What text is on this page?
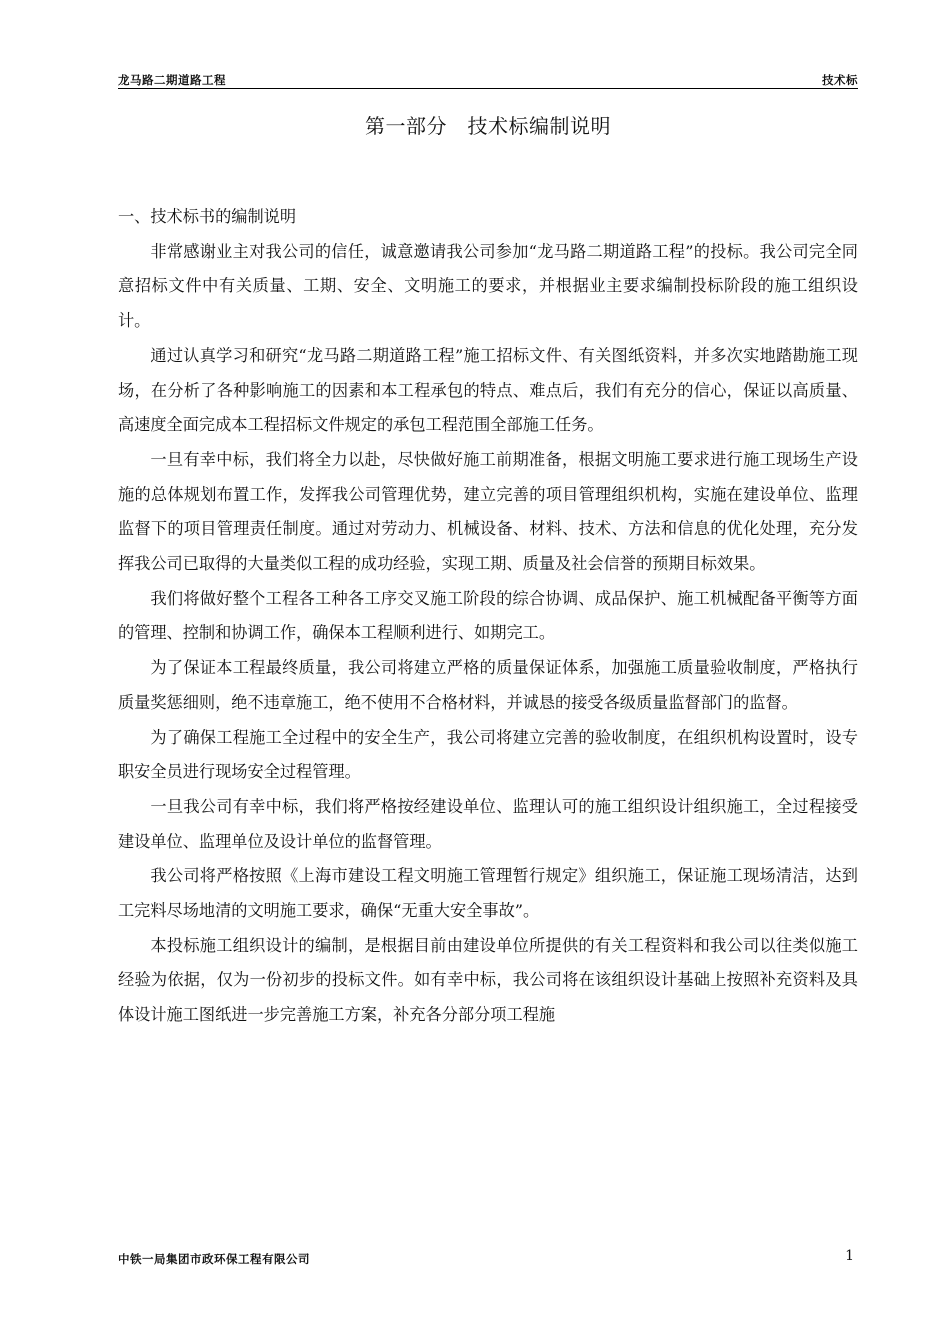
龙马路二期道路工程	技术标
第一部分　技术标编制说明
一、技术标书的编制说明

非常感谢业主对我公司的信任，诚意邀请我公司参加“龙马路二期道路工程”的投标。我公司完全同意招标文件中有关质量、工期、安全、文明施工的要求，并根据业主要求编制投标阶段的施工组织设计。

通过认真学习和研究“龙马路二期道路工程”施工招标文件、有关图纸资料，并多次实地踏勘施工现场，在分析了各种影响施工的因素和本工程承包的特点、难点后，我们有充分的信心，保证以高质量、高速度全面完成本工程招标文件规定的承包工程范围全部施工任务。

一旦有幸中标，我们将全力以赴，尽快做好施工前期准备，根据文明施工要求进行施工现场生产设施的总体规划布置工作，发挥我公司管理优势，建立完善的项目管理组织机构，实施在建设单位、监理监督下的项目管理责任制度。通过对劳动力、机械设备、材料、技术、方法和信息的优化处理，充分发挥我公司已取得的大量类似工程的成功经验，实现工期、质量及社会信誉的预期目标效果。

我们将做好整个工程各工种各工序交叉施工阶段的综合协调、成品保护、施工机械配备平衡等方面的管理、控制和协调工作，确保本工程顺利进行、如期完工。

为了保证本工程最终质量，我公司将建立严格的质量保证体系，加强施工质量验收制度，严格执行质量奖惩细则，绝不违章施工，绝不使用不合格材料，并诚恳的接受各级质量监督部门的监督。

为了确保工程施工全过程中的安全生产，我公司将建立完善的验收制度，在组织机构设置时，设专职安全员进行现场安全过程管理。

一旦我公司有幸中标，我们将严格按经建设单位、监理认可的施工组织设计组织施工，全过程接受建设单位、监理单位及设计单位的监督管理。

我公司将严格按照《上海市建设工程文明施工管理暂行规定》组织施工，保证施工现场清洁，达到工完料尽场地清的文明施工要求，确保“无重大安全事故”。

本投标施工组织设计的编制，是根据目前由建设单位所提供的有关工程资料和我公司以往类似施工经验为依据，仅为一份初步的投标文件。如有幸中标，我公司将在该组织设计基础上按照补充资料及具体设计施工图纸进一步完善施工方案，补充各分部分项工程施

中铁一局集团市政环保工程有限公司	1
